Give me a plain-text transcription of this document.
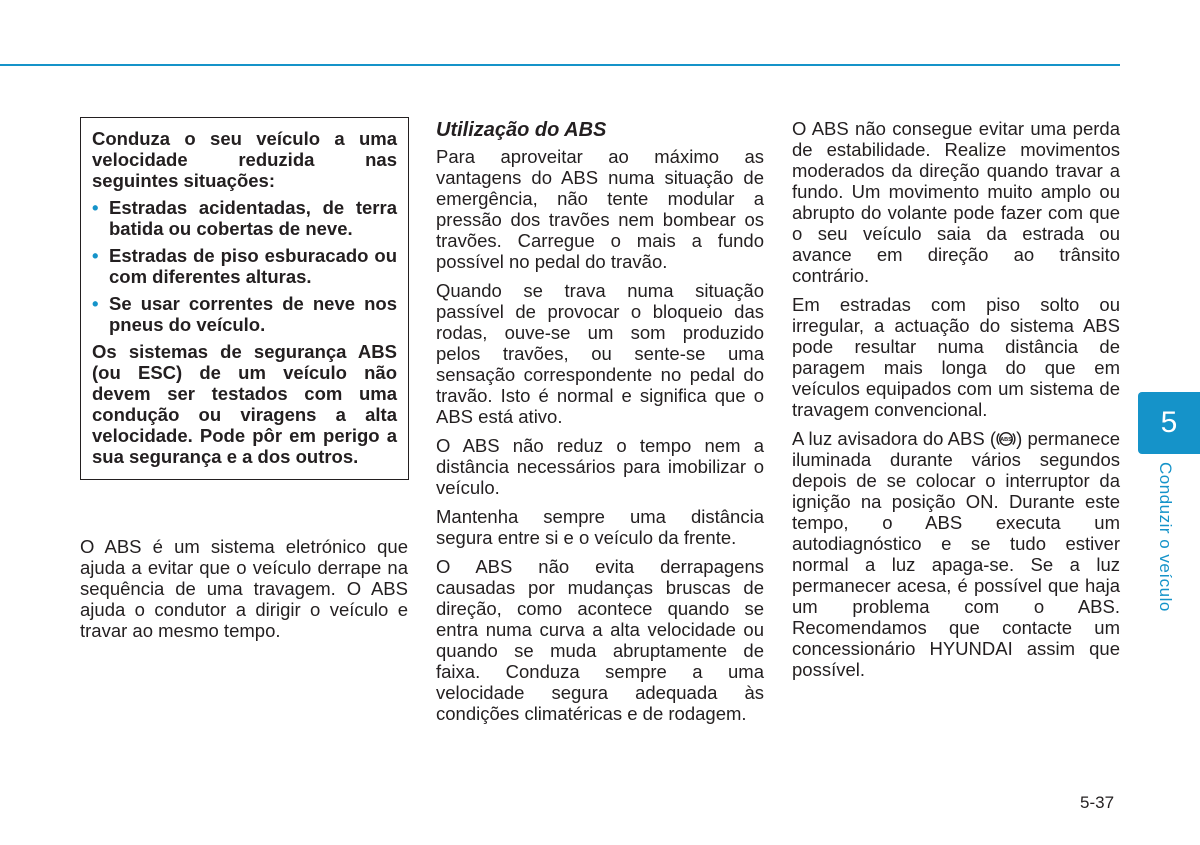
Conduza o seu veículo a uma velocidade reduzida nas seguintes situações:

• Estradas acidentadas, de terra batida ou cobertas de neve.
• Estradas de piso esburacado ou com diferentes alturas.
• Se usar correntes de neve nos pneus do veículo.

Os sistemas de segurança ABS (ou ESC) de um veículo não devem ser testados com uma condução ou viragens a alta velocidade. Pode pôr em perigo a sua segurança e a dos outros.

O ABS é um sistema eletrónico que ajuda a evitar que o veículo derrape na sequência de uma travagem. O ABS ajuda o condutor a dirigir o veículo e travar ao mesmo tempo.

Utilização do ABS

Para aproveitar ao máximo as vantagens do ABS numa situação de emergência, não tente modular a pressão dos travões nem bombear os travões. Carregue o mais a fundo possível no pedal do travão.

Quando se trava numa situação passível de provocar o bloqueio das rodas, ouve-se um som produzido pelos travões, ou sente-se uma sensação correspondente no pedal do travão. Isto é normal e significa que o ABS está ativo.

O ABS não reduz o tempo nem a distância necessários para imobilizar o veículo.

Mantenha sempre uma distância segura entre si e o veículo da frente.

O ABS não evita derrapagens causadas por mudanças bruscas de direção, como acontece quando se entra numa curva a alta velocidade ou quando se muda abruptamente de faixa. Conduza sempre a uma velocidade segura adequada às condições climatéricas e de rodagem.

O ABS não consegue evitar uma perda de estabilidade. Realize movimentos moderados da direção quando travar a fundo. Um movimento muito amplo ou abrupto do volante pode fazer com que o seu veículo saia da estrada ou avance em direção ao trânsito contrário.

Em estradas com piso solto ou irregular, a actuação do sistema ABS pode resultar numa distância de paragem mais longa do que em veículos equipados com um sistema de travagem convencional.

A luz avisadora do ABS ( ABS ) permanece iluminada durante vários segundos depois de se colocar o interruptor da ignição na posição ON. Durante este tempo, o ABS executa um autodiagnóstico e se tudo estiver normal a luz apaga-se. Se a luz permanecer acesa, é possível que haja um problema com o ABS. Recomendamos que contacte um concessionário HYUNDAI assim que possível.

5
Conduzir o veículo
5-37
